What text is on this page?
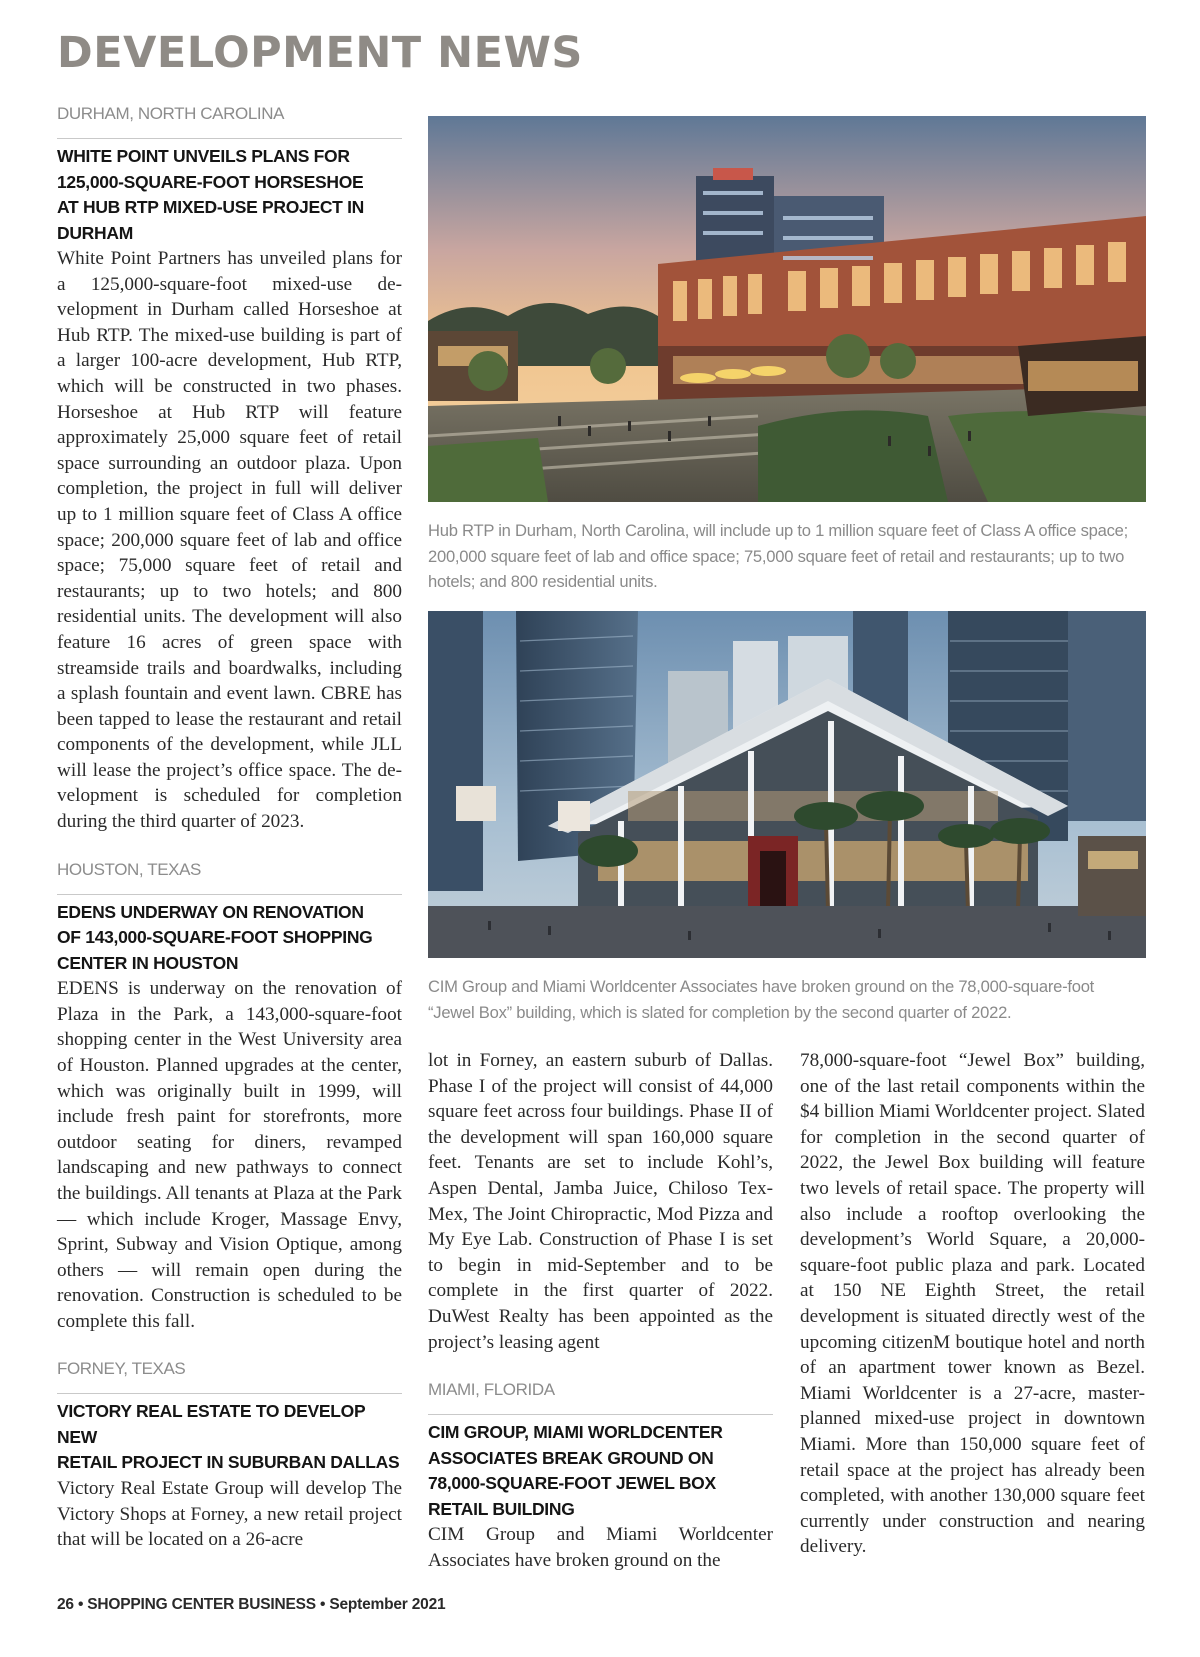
DEVELOPMENT NEWS
DURHAM, NORTH CAROLINA
WHITE POINT UNVEILS PLANS FOR
125,000-SQUARE-FOOT HORSESHOE
AT HUB RTP MIXED-USE PROJECT IN
DURHAM
White Point Partners has unveiled plans for a 125,000-square-foot mixed-use development in Durham called Horseshoe at Hub RTP. The mixed-use building is part of a larger 100-acre development, Hub RTP, which will be constructed in two phases. Horseshoe at Hub RTP will feature approximately 25,000 square feet of retail space surrounding an outdoor plaza. Upon completion, the project in full will deliver up to 1 million square feet of Class A office space; 200,000 square feet of lab and office space; 75,000 square feet of retail and restaurants; up to two hotels; and 800 residential units. The development will also feature 16 acres of green space with streamside trails and boardwalks, including a splash fountain and event lawn. CBRE has been tapped to lease the restaurant and retail components of the development, while JLL will lease the project’s office space. The development is scheduled for completion during the third quarter of 2023.
HOUSTON, TEXAS
EDENS UNDERWAY ON RENOVATION
OF 143,000-SQUARE-FOOT SHOPPING
CENTER IN HOUSTON
EDENS is underway on the renovation of Plaza in the Park, a 143,000-square-foot shopping center in the West University area of Houston. Planned upgrades at the center, which was originally built in 1999, will include fresh paint for storefronts, more outdoor seating for diners, revamped landscaping and new pathways to connect the buildings. All tenants at Plaza at the Park — which include Kroger, Massage Envy, Sprint, Subway and Vision Optique, among others — will remain open during the renovation. Construction is scheduled to be complete this fall.
FORNEY, TEXAS
VICTORY REAL ESTATE TO DEVELOP NEW
RETAIL PROJECT IN SUBURBAN DALLAS
Victory Real Estate Group will develop The Victory Shops at Forney, a new retail project that will be located on a 26-acre
Hub RTP in Durham, North Carolina, will include up to 1 million square feet of Class A office space; 200,000 square feet of lab and office space; 75,000 square feet of retail and restaurants; up to two hotels; and 800 residential units.
CIM Group and Miami Worldcenter Associates have broken ground on the 78,000-square-foot “Jewel Box” building, which is slated for completion by the second quarter of 2022.
lot in Forney, an eastern suburb of Dallas. Phase I of the project will consist of 44,000 square feet across four buildings. Phase II of the development will span 160,000 square feet. Tenants are set to include Kohl’s, Aspen Dental, Jamba Juice, Chiloso Tex-Mex, The Joint Chiropractic, Mod Pizza and My Eye Lab. Construction of Phase I is set to begin in mid-September and to be complete in the first quarter of 2022. DuWest Realty has been appointed as the project’s leasing agent
MIAMI, FLORIDA
CIM GROUP, MIAMI WORLDCENTER
ASSOCIATES BREAK GROUND ON
78,000-SQUARE-FOOT JEWEL BOX
RETAIL BUILDING
CIM Group and Miami Worldcenter Associates have broken ground on the
78,000-square-foot “Jewel Box” building, one of the last retail components within the $4 billion Miami Worldcenter project. Slated for completion in the second quarter of 2022, the Jewel Box building will feature two levels of retail space. The property will also include a rooftop overlooking the development’s World Square, a 20,000-square-foot public plaza and park. Located at 150 NE Eighth Street, the retail development is situated directly west of the upcoming citizenM boutique hotel and north of an apartment tower known as Bezel. Miami Worldcenter is a 27-acre, master-planned mixed-use project in downtown Miami. More than 150,000 square feet of retail space at the project has already been completed, with another 130,000 square feet currently under construction and nearing delivery.
26 • SHOPPING CENTER BUSINESS • September 2021
